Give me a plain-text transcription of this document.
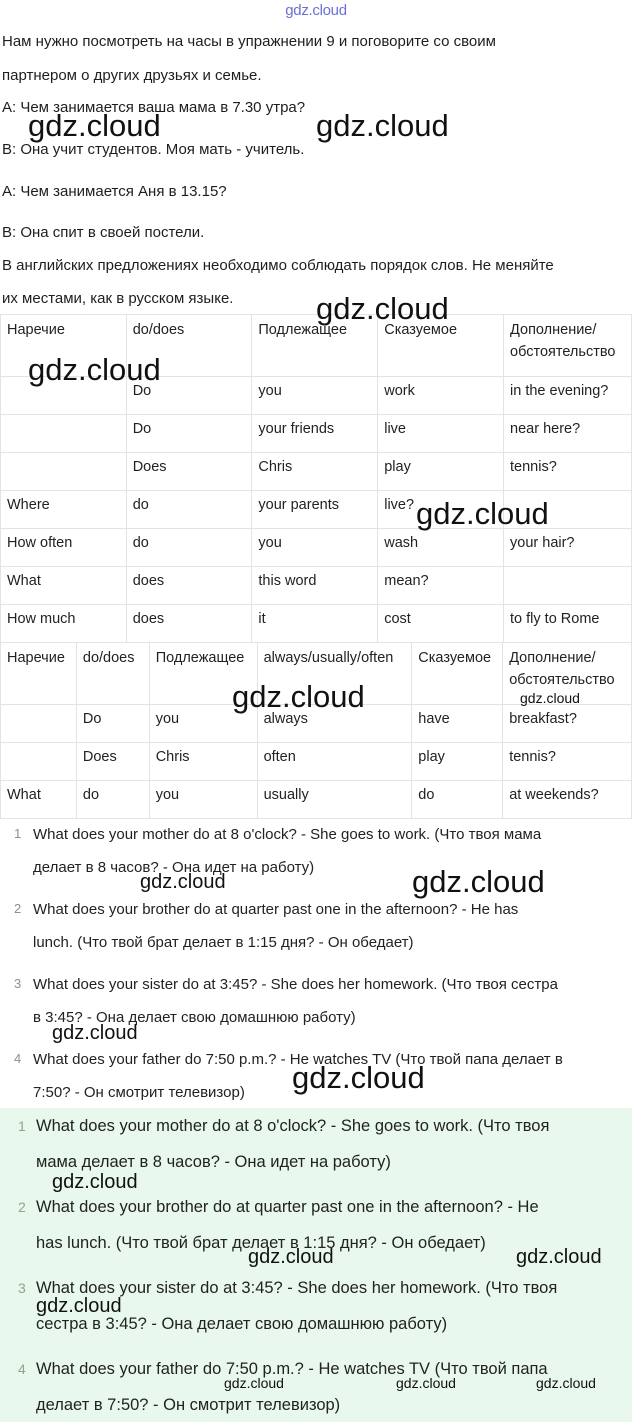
gdz.cloud
Нам нужно посмотреть на часы в упражнении 9 и поговорите со своим
партнером о других друзьях и семье.
A: Чем занимается ваша мама в 7.30 утра?
B: Она учит студентов. Моя мать - учитель.
A: Чем занимается Аня в 13.15?
B: Она спит в своей постели.
В английских предложениях необходимо соблюдать порядок слов. Не меняйте
их местами, как в русском языке.
Наречие	do/does	Подлежащее	Сказуемое	Дополнение/ обстоятельство
	Do	you	work	in the evening?
	Do	your friends	live	near here?
	Does	Chris	play	tennis?
Where	do	your parents	live?	
How often	do	you	wash	your hair?
What	does	this word	mean?	
How much	does	it	cost	to fly to Rome
Наречие	do/does	Подлежащее	always/usually/often	Сказуемое	Дополнение/ обстоятельство
	Do	you	always	have	breakfast?
	Does	Chris	often	play	tennis?
What	do	you	usually	do	at weekends?
1 What does your mother do at 8 o'clock? - She goes to work. (Что твоя мама
делает в 8 часов? - Она идет на работу)
2 What does your brother do at quarter past one in the afternoon? - He has
lunch. (Что твой брат делает в 1:15 дня? - Он обедает)
3 What does your sister do at 3:45? - She does her homework. (Что твоя сестра
в 3:45? - Она делает свою домашнюю работу)
4 What does your father do 7:50 p.m.? - He watches TV (Что твой папа делает в
7:50? - Он смотрит телевизор)
1 What does your mother do at 8 o'clock? - She goes to work. (Что твоя
мама делает в 8 часов? - Она идет на работу)
2 What does your brother do at quarter past one in the afternoon? - He
has lunch. (Что твой брат делает в 1:15 дня? - Он обедает)
3 What does your sister do at 3:45? - She does her homework. (Что твоя
сестра в 3:45? - Она делает свою домашнюю работу)
4 What does your father do 7:50 p.m.? - He watches TV (Что твой папа
делает в 7:50? - Он смотрит телевизор)
gdz.cloud	gdz.cloud
gdz.cloud
gdz.cloud
gdz.cloud
gdz.cloud	gdz.cloud
gdz.cloud	gdz.cloud
gdz.cloud
gdz.cloud
gdz.cloud
gdz.cloud	gdz.cloud
gdz.cloud
gdz.cloud	gdz.cloud	gdz.cloud
